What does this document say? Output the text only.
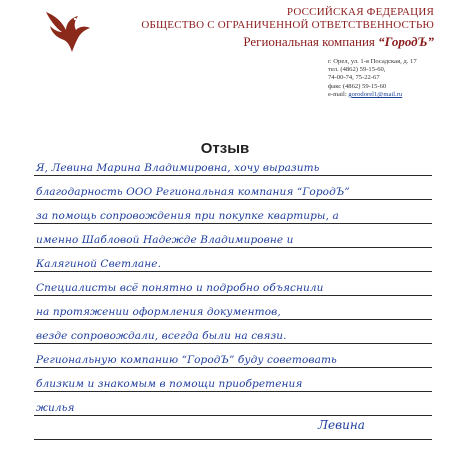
РОССИЙСКАЯ ФЕДЕРАЦИЯ
ОБЩЕСТВО С ОГРАНИЧЕННОЙ ОТВЕТСТВЕННОСТЬЮ
Региональная компания “ГородЪ”
г. Орел, ул. 1-я Посадская, д. 17
тел. (4862) 59-15-60,
74-00-74, 75-22-67
факс (4862) 59-15-60
e-mail: gorodorel1@mail.ru
Отзыв
Я, Левина Марина Владимировна, хочу выразить
благодарность ООО Региональная компания “ГородЪ”
за помощь сопровождения при покупке квартиры, а
именно Шабловой Надежде Владимировне и
Калягиной Светлане.
Специалисты всё понятно и подробно объяснили
на протяжении оформления документов,
везде сопровождали, всегда были на связи.
Региональную компанию “ГородЪ” буду советовать
близким и знакомым в помощи приобретения
жилья
Левина
